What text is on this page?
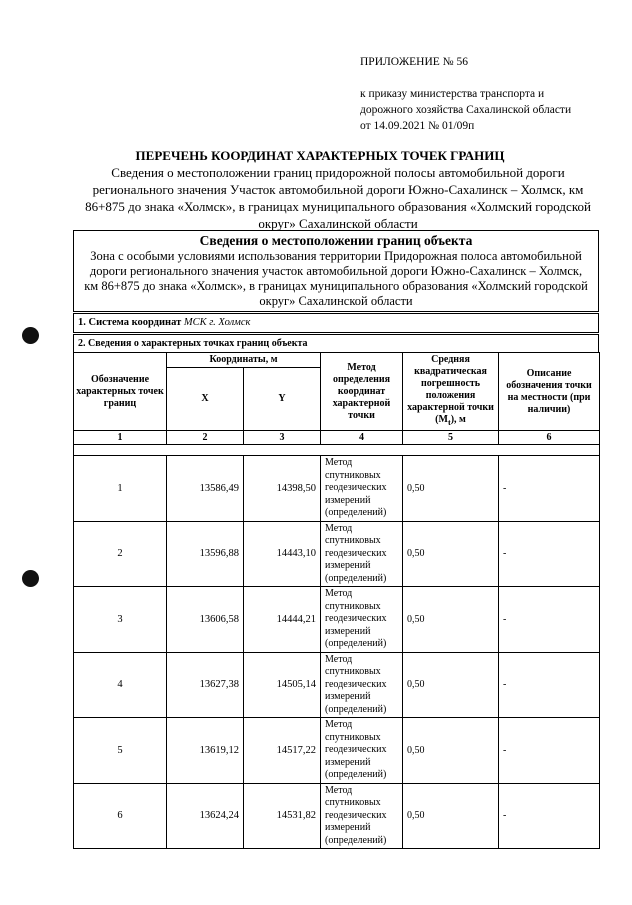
ПРИЛОЖЕНИЕ № 56
к приказу министерства транспорта и
дорожного хозяйства Сахалинской области
от 14.09.2021 № 01/09п
ПЕРЕЧЕНЬ КООРДИНАТ ХАРАКТЕРНЫХ ТОЧЕК ГРАНИЦ
Сведения о местоположении границ придорожной полосы автомобильной дороги регионального значения Участок автомобильной дороги Южно-Сахалинск – Холмск, км 86+875 до знака «Холмск», в границах муниципального образования «Холмский городской округ» Сахалинской области
Сведения о местоположении границ объекта
Зона с особыми условиями использования территории Придорожная полоса автомобильной дороги регионального значения участок автомобильной дороги Южно-Сахалинск – Холмск, км 86+875 до знака «Холмск», в границах муниципального образования «Холмский городской округ» Сахалинской области
1. Система координат МСК г. Холмск
2. Сведения о характерных точках границ объекта
Обозначение характерных точек границ	Координаты, м		Метод определения координат характерной точки	Средняя квадратическая погрешность положения характерной точки $(M_t)$, м	Описание обозначения точки на местности (при наличии)
	X	Y			
1	2	3	4	5	6

1	13586,49	14398,50	Метод спутниковых геодезических измерений (определений)	0,50	-
2	13596,88	14443,10	Метод спутниковых геодезических измерений (определений)	0,50	-
3	13606,58	14444,21	Метод спутниковых геодезических измерений (определений)	0,50	-
4	13627,38	14505,14	Метод спутниковых геодезических измерений (определений)	0,50	-
5	13619,12	14517,22	Метод спутниковых геодезических измерений (определений)	0,50	-
6	13624,24	14531,82	Метод спутниковых геодезических измерений (определений)	0,50	-
